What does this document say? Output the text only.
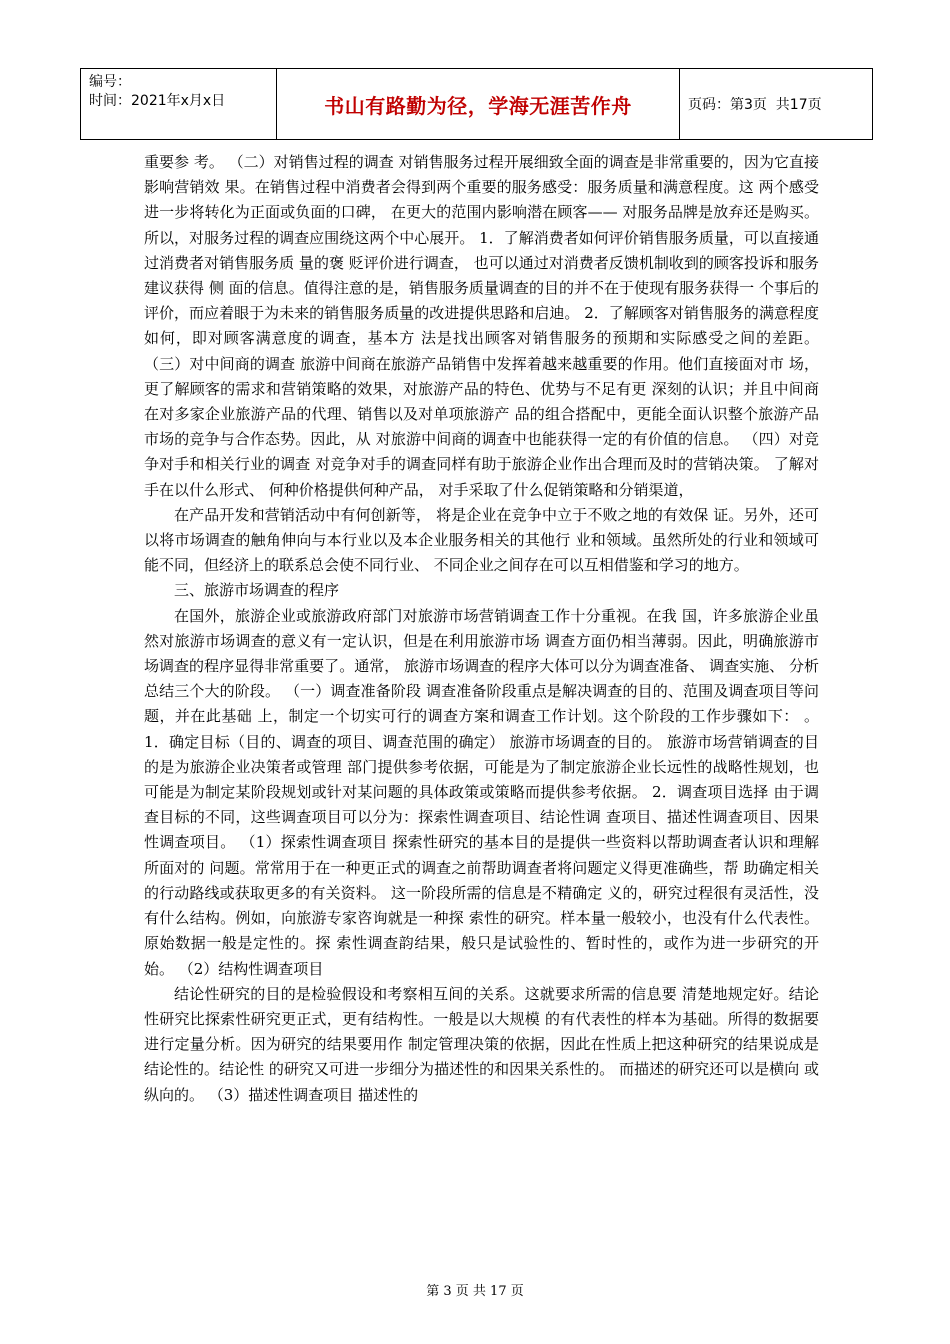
编号：
时间：2021年x月x日	书山有路勤为径，学海无涯苦作舟	页码：第3页  共17页

重要参 考。 （二）对销售过程的调查 对销售服务过程开展细致全面的调查是非常重要的，因为它直接影响营销效 果。在销售过程中消费者会得到两个重要的服务感受：服务质量和满意程度。这 两个感受进一步将转化为正面或负面的口碑， 在更大的范围内影响潜在顾客—— 对服务品牌是放弃还是购买。所以，对服务过程的调查应围绕这两个中心展开。 1．了解消费者如何评价销售服务质量，可以直接通过消费者对销售服务质 量的褒 贬评价进行调查， 也可以通过对消费者反馈机制收到的顾客投诉和服务建议获得 侧 面的信息。值得注意的是，销售服务质量调查的目的并不在于使现有服务获得一 个事后的评价，而应着眼于为未来的销售服务质量的改进提供思路和启迪。 2．了解顾客对销售服务的满意程度如何，即对顾客满意度的调查，基本方 法是找出顾客对销售服务的预期和实际感受之间的差距。 （三）对中间商的调查 旅游中间商在旅游产品销售中发挥着越来越重要的作用。他们直接面对市 场，更了解顾客的需求和营销策略的效果，对旅游产品的特色、优势与不足有更 深刻的认识；并且中间商在对多家企业旅游产品的代理、销售以及对单项旅游产 品的组合搭配中，更能全面认识整个旅游产品市场的竞争与合作态势。因此，从 对旅游中间商的调查中也能获得一定的有价值的信息。 （四）对竞争对手和相关行业的调查 对竞争对手的调查同样有助于旅游企业作出合理而及时的营销决策。 了解对 手在以什么形式、 何种价格提供何种产品， 对手采取了什么促销策略和分销渠道，

在产品开发和营销活动中有何创新等， 将是企业在竞争中立于不败之地的有效保 证。另外，还可以将市场调查的触角伸向与本行业以及本企业服务相关的其他行 业和领域。虽然所处的行业和领域可能不同，但经济上的联系总会使不同行业、 不同企业之间存在可以互相借鉴和学习的地方。

三、旅游市场调查的程序

在国外，旅游企业或旅游政府部门对旅游市场营销调查工作十分重视。在我 国，许多旅游企业虽然对旅游市场调查的意义有一定认识，但是在利用旅游市场 调查方面仍相当薄弱。因此，明确旅游市场调查的程序显得非常重要了。通常， 旅游市场调查的程序大体可以分为调查准备、 调查实施、 分析总结三个大的阶段。 （一）调查准备阶段 调查准备阶段重点是解决调查的目的、范围及调查项目等问题，并在此基础 上，制定一个切实可行的调查方案和调查工作计划。这个阶段的工作步骤如下： 。 1．确定目标（目的、调查的项目、调查范围的确定） 旅游市场调查的目的。 旅游市场营销调查的目的是为旅游企业决策者或管理 部门提供参考依据，可能是为了制定旅游企业长远性的战略性规划，也可能是为制定某阶段规划或针对某问题的具体政策或策略而提供参考依据。 2．调查项目选择 由于调查目标的不同，这些调查项目可以分为：探索性调查项目、结论性调 查项目、描述性调查项目、因果性调查项目。 （1）探索性调查项目 探索性研究的基本目的是提供一些资料以帮助调查者认识和理解所面对的 问题。常常用于在一种更正式的调查之前帮助调查者将问题定义得更准确些，帮 助确定相关的行动路线或获取更多的有关资料。 这一阶段所需的信息是不精确定 义的，研究过程很有灵活性，没有什么结构。例如，向旅游专家咨询就是一种探 索性的研究。样本量一般较小，也没有什么代表性。原始数据一般是定性的。探 索性调查韵结果，般只是试验性的、暂时性的，或作为进一步研究的开始。 （2）结构性调查项目

结论性研究的目的是检验假设和考察相互间的关系。这就要求所需的信息要 清楚地规定好。结论性研究比探索性研究更正式，更有结构性。一般是以大规模 的有代表性的样本为基础。所得的数据要进行定量分析。因为研究的结果要用作 制定管理决策的依据，因此在性质上把这种研究的结果说成是结论性的。结论性 的研究又可进一步细分为描述性的和因果关系性的。 而描述的研究还可以是横向 或纵向的。 （3）描述性调查项目 描述性的

第 3 页 共 17 页
